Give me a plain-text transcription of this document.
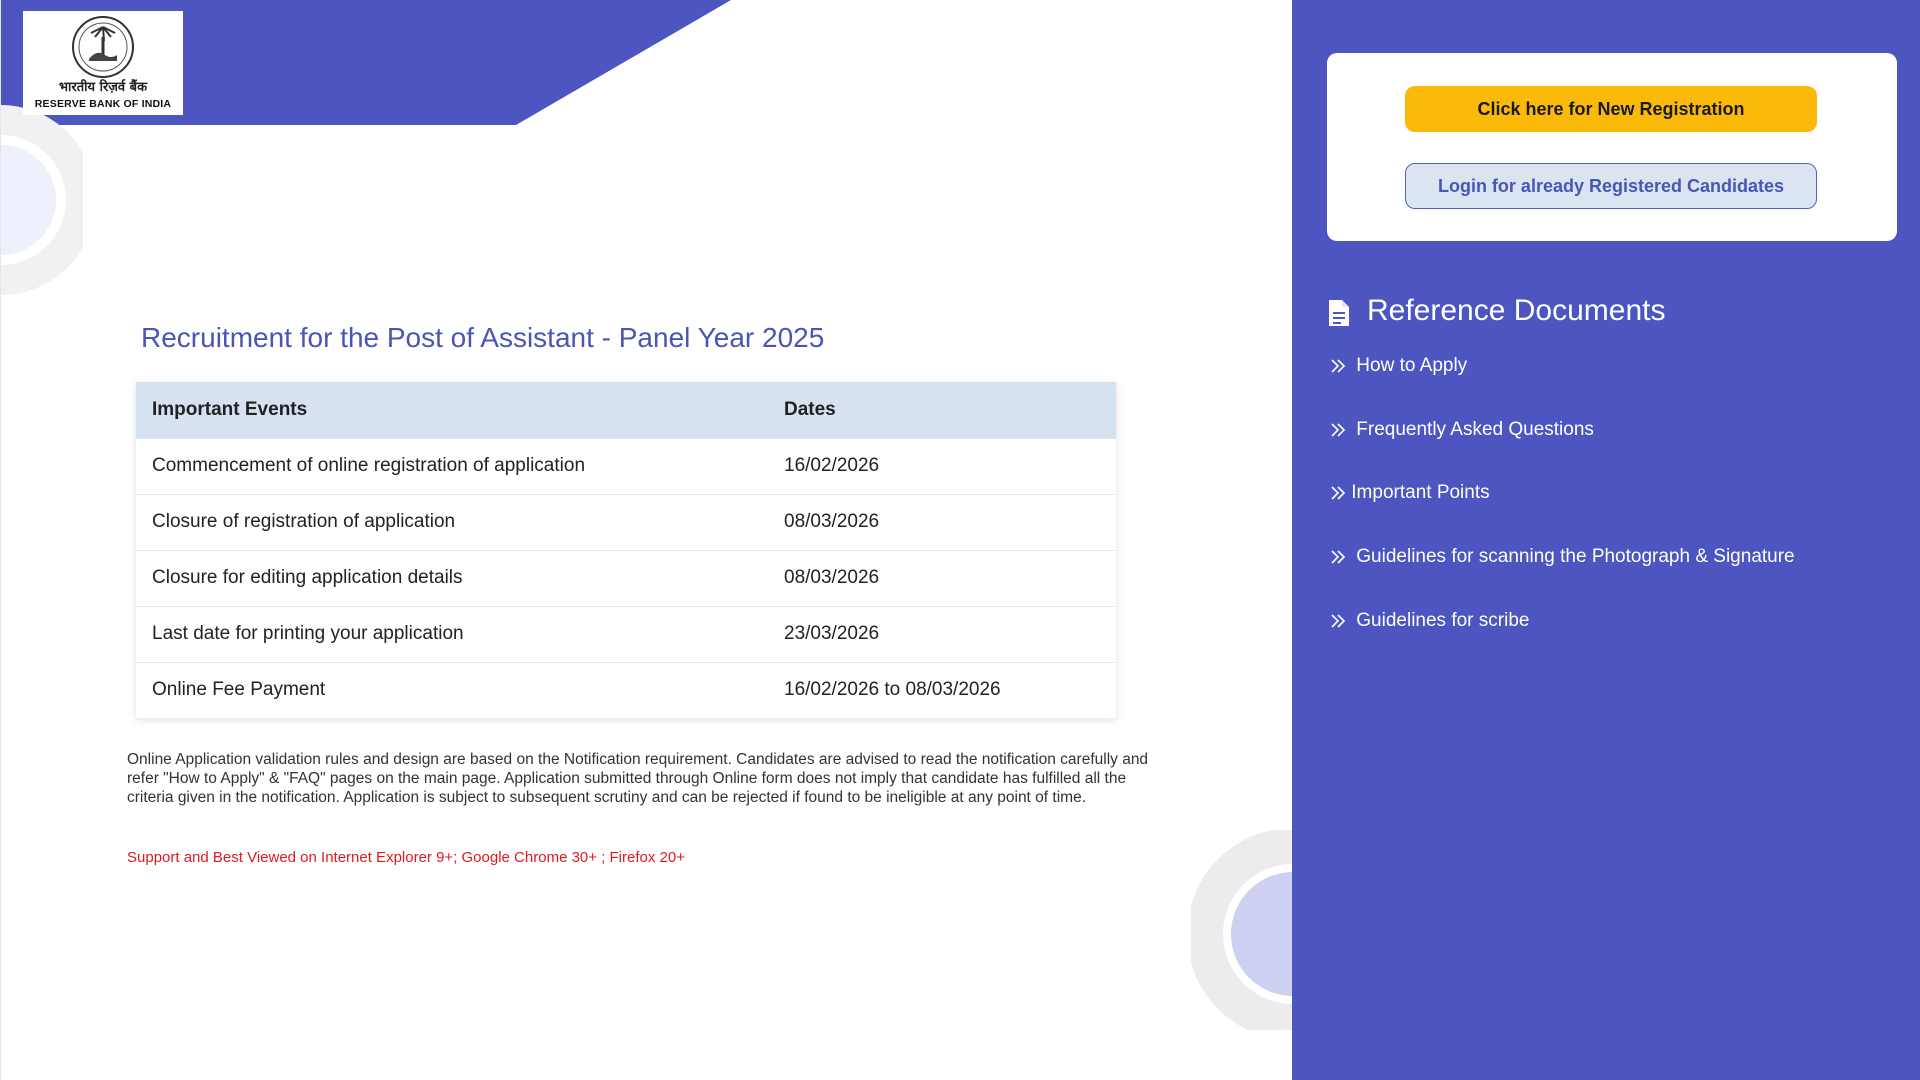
भारतीय रिज़र्व बैंक
RESERVE BANK OF INDIA
Recruitment for the Post of Assistant - Panel Year 2025
Important Events	Dates
Commencement of online registration of application	16/02/2026
Closure of registration of application	08/03/2026
Closure for editing application details	08/03/2026
Last date for printing your application	23/03/2026
Online Fee Payment	16/02/2026 to 08/03/2026

Online Application validation rules and design are based on the Notification requirement. Candidates are advised to read the notification carefully and refer "How to Apply" & "FAQ" pages on the main page. Application submitted through Online form does not imply that candidate has fulfilled all the criteria given in the notification. Application is subject to subsequent scrutiny and can be rejected if found to be ineligible at any point of time.

Support and Best Viewed on Internet Explorer 9+; Google Chrome 30+ ; Firefox 20+

Click here for New Registration
Login for already Registered Candidates
Reference Documents
How to Apply
Frequently Asked Questions
Important Points
Guidelines for scanning the Photograph & Signature
Guidelines for scribe
